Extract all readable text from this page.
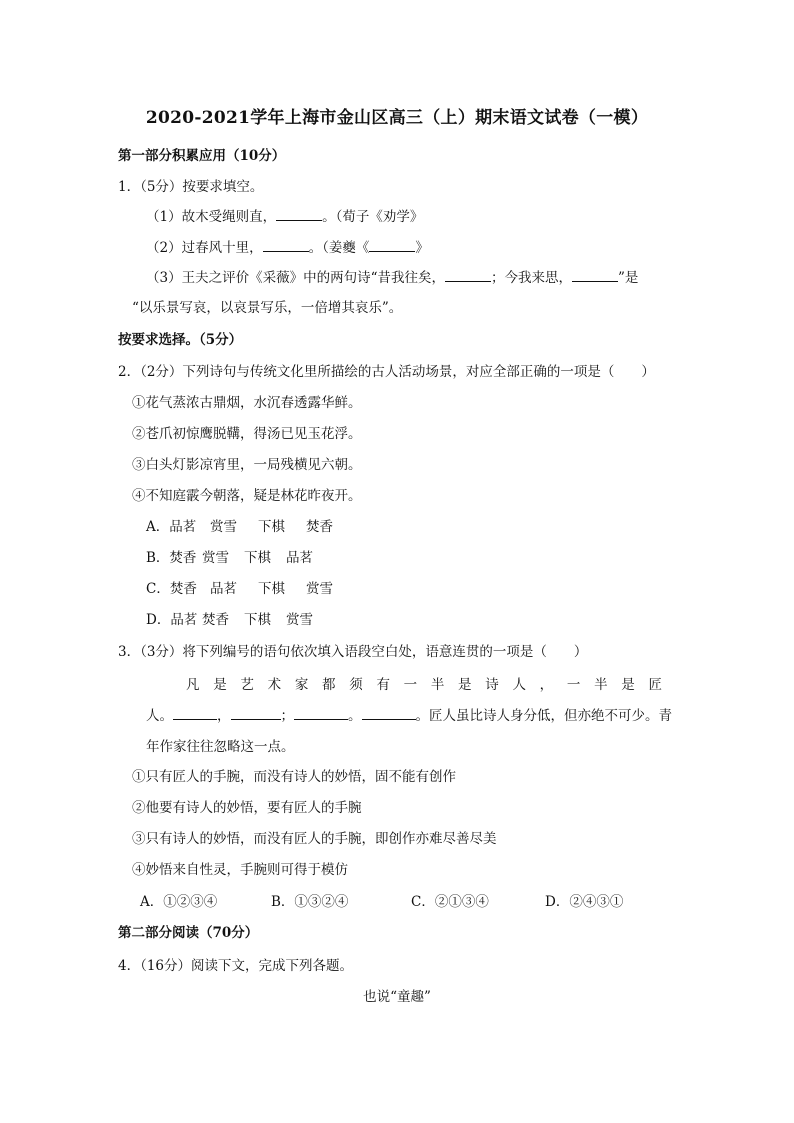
2020-2021学年上海市金山区高三（上）期末语文试卷（一模）
第一部分积累应用（10分）
1．（5分）按要求填空。
（1）故木受绳则直，	。（荀子《劝学》
（2）过春风十里，	。（姜夔《	》
（3）王夫之评价《采薇》中的两句诗“昔我往矣，	；今我来思，	”是
“以乐景写哀，以哀景写乐，一倍增其哀乐”。
按要求选择。（5分）
2．（2分）下列诗句与传统文化里所描绘的古人活动场景，对应全部正确的一项是（　　）
①花气蒸浓古鼎烟，水沉春透露华鲜。
②苍爪初惊鹰脱鞲，得汤已见玉花浮。
③白头灯影凉宵里，一局残横见六朝。
④不知庭霰今朝落，疑是林花昨夜开。
A．品茗 赏雪 下棋 焚香
B．焚香 赏雪 下棋 品茗
C．焚香 品茗 下棋 赏雪
D．品茗 焚香 下棋 赏雪
3．（3分）将下列编号的语句依次填入语段空白处，语意连贯的一项是（　　）
凡是艺术家都须有一半是诗人，一半是匠
人。	，	；	。	。匠人虽比诗人身分低，但亦绝不可少。青
年作家往往忽略这一点。
①只有匠人的手腕，而没有诗人的妙悟，固不能有创作
②他要有诗人的妙悟，要有匠人的手腕
③只有诗人的妙悟，而没有匠人的手腕，即创作亦难尽善尽美
④妙悟来自性灵，手腕则可得于模仿
A．①②③④	B．①③②④	C．②①③④	D．②④③①
第二部分阅读（70分）
4．（16分）阅读下文，完成下列各题。
也说“童趣”
